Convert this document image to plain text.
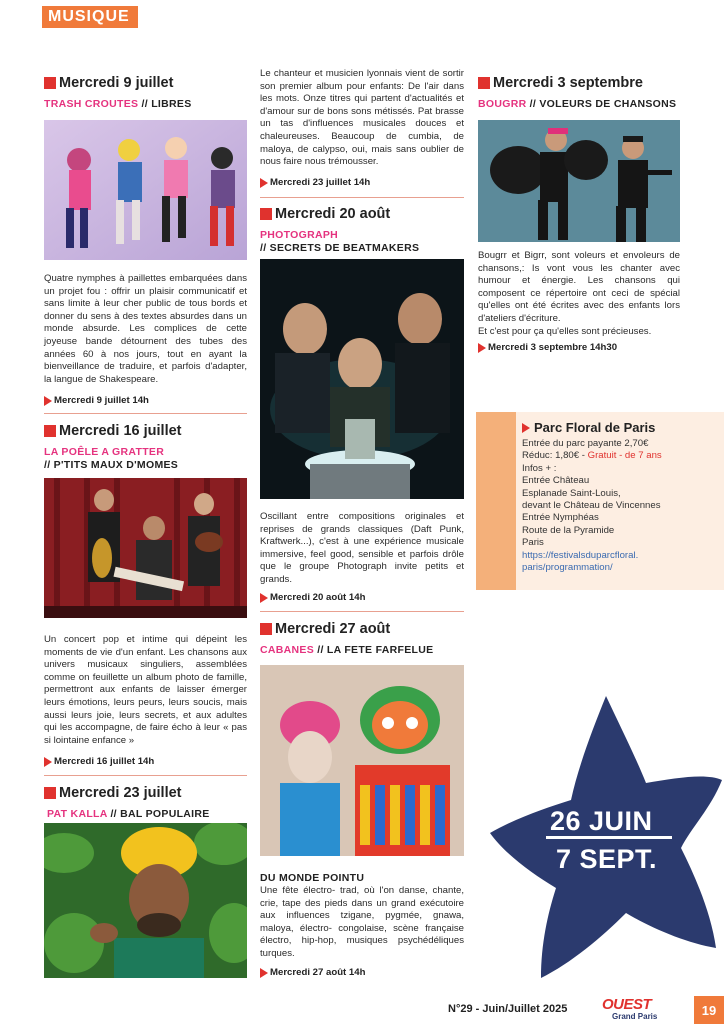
MUSIQUE
Mercredi 9 juillet
TRASH CROUTES // LIBRES
Quatre nymphes à paillettes embarquées dans un projet fou : offrir un plaisir communicatif et sans limite à leur cher public de tous bords et donner du sens à des textes absurdes dans un monde absurde. Les complices de cette joyeuse bande détournent des tubes des années 60 à nos jours, tout en ayant la bienveillance de traduire, et parfois d'adapter, la langue de Shakespeare.
Mercredi 9 juillet 14h
Mercredi 16 juillet
LA POÊLE A GRATTER
// P'TITS MAUX D'MOMES
Un concert pop et intime qui dépeint les moments de vie d'un enfant. Les chansons aux univers musicaux singuliers, assemblées comme on feuillette un album photo de famille, permettront aux enfants de laisser émerger leurs émotions, leurs peurs, leurs soucis, mais aussi leurs joie, leurs secrets, et aux adultes qui les accompagne, de faire écho à leur « pas si lointaine enfance »
Mercredi 16 juillet 14h
Mercredi 23 juillet
PAT KALLA // BAL POPULAIRE
Le chanteur et musicien lyonnais vient de sortir son premier album pour enfants: De l'air dans les mots. Onze titres qui partent d'actualités et d'amour sur de bons sons métissés. Pat brasse un tas d'influences musicales douces et chaleureuses. Beaucoup de cumbia, de maloya, de calypso, oui, mais sans oublier de nous faire nous trémousser.
Mercredi 23 juillet 14h
Mercredi 20 août
PHOTOGRAPH
// SECRETS DE BEATMAKERS
Oscillant entre compositions originales et reprises de grands classiques (Daft Punk, Kraftwerk...), c'est à une expérience musicale immersive, feel good, sensible et parfois drôle que le groupe Photograph invite petits et grands.
Mercredi 20 août 14h
Mercredi 27 août
CABANES // LA FETE FARFELUE
DU MONDE POINTU
Une fête électro- trad, où l'on danse, chante, crie, tape des pieds dans un grand exécutoire aux influences tzigane, pygmée, gnawa, maloya, électro- congolaise, scène française électro, hip-hop, musiques psychédéliques turques.
Mercredi 27 août 14h
Mercredi 3 septembre
BOUGRR // VOLEURS DE CHANSONS
Bougrr et Bigrr, sont voleurs et envoleurs de chansons,: Is vont vous les chanter avec humour et énergie. Les chansons qui composent ce répertoire ont ceci de spécial qu'elles ont été écrites avec des enfants lors d'ateliers d'écriture.
Et c'est pour ça qu'elles sont précieuses.
Mercredi 3 septembre 14h30
Parc Floral de Paris
Entrée du parc payante 2,70€
Réduc: 1,80€ - Gratuit - de 7 ans
Infos + :
Entrée Château
Esplanade Saint-Louis,
devant le Château de Vincennes
Entrée Nymphéas
Route de la Pyramide
Paris
https://festivalsduparcfloral.
paris/programmation/
26 JUIN
7 SEPT.
N°29 - Juin/Juillet 2025 OUEST
Grand Paris	19
